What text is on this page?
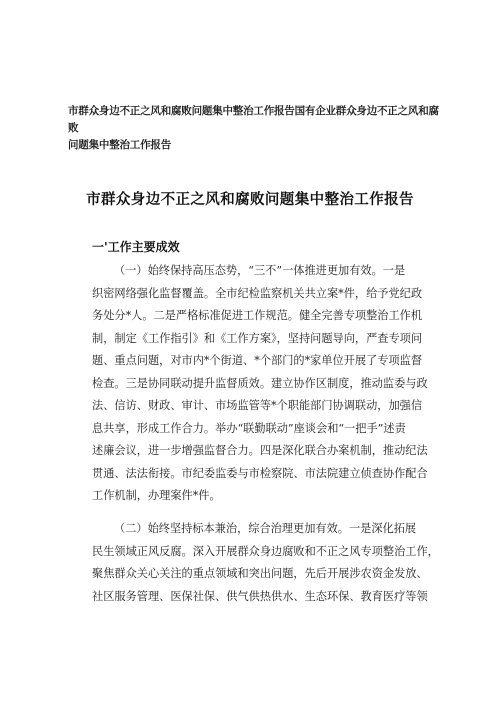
市群众身边不正之风和腐败问题集中整治工作报告国有企业群众身边不正之风和腐败
问题集中整治工作报告
市群众身边不正之风和腐败问题集中整治工作报告
一'工作主要成效
（一）始终保持高压态势，“三不”一体推进更加有效。一是
织密网络强化监督覆盖。全市纪检监察机关共立案*件，给予党纪政
务处分*人。二是严格标准促进工作规范。健全完善专项整治工作机
制，制定《工作指引》和《工作方案》，坚持问题导向，严查专项问
题、重点问题，对市内*个街道、*个部门的*家单位开展了专项监督
检查。三是协同联动提升监督质效。建立协作区制度，推动监委与政
法、信访、财政、审计、市场监管等*个职能部门协调联动，加强信
息共享，形成工作合力。举办“联勤联动”座谈会和“一把手”述责
述廉会议，进一步增强监督合力。四是深化联合办案机制，推动纪法
贯通、法法衔接。市纪委监委与市检察院、市法院建立侦查协作配合
工作机制，办理案件*件。
（二）始终坚持标本兼治，综合治理更加有效。一是深化拓展
民生领域正风反腐。深入开展群众身边腐败和不正之风专项整治工作，
聚焦群众关心关注的重点领域和突出问题，先后开展涉农资金发放、
社区服务管理、医保社保、供气供热供水、生态环保、教育医疗等领
